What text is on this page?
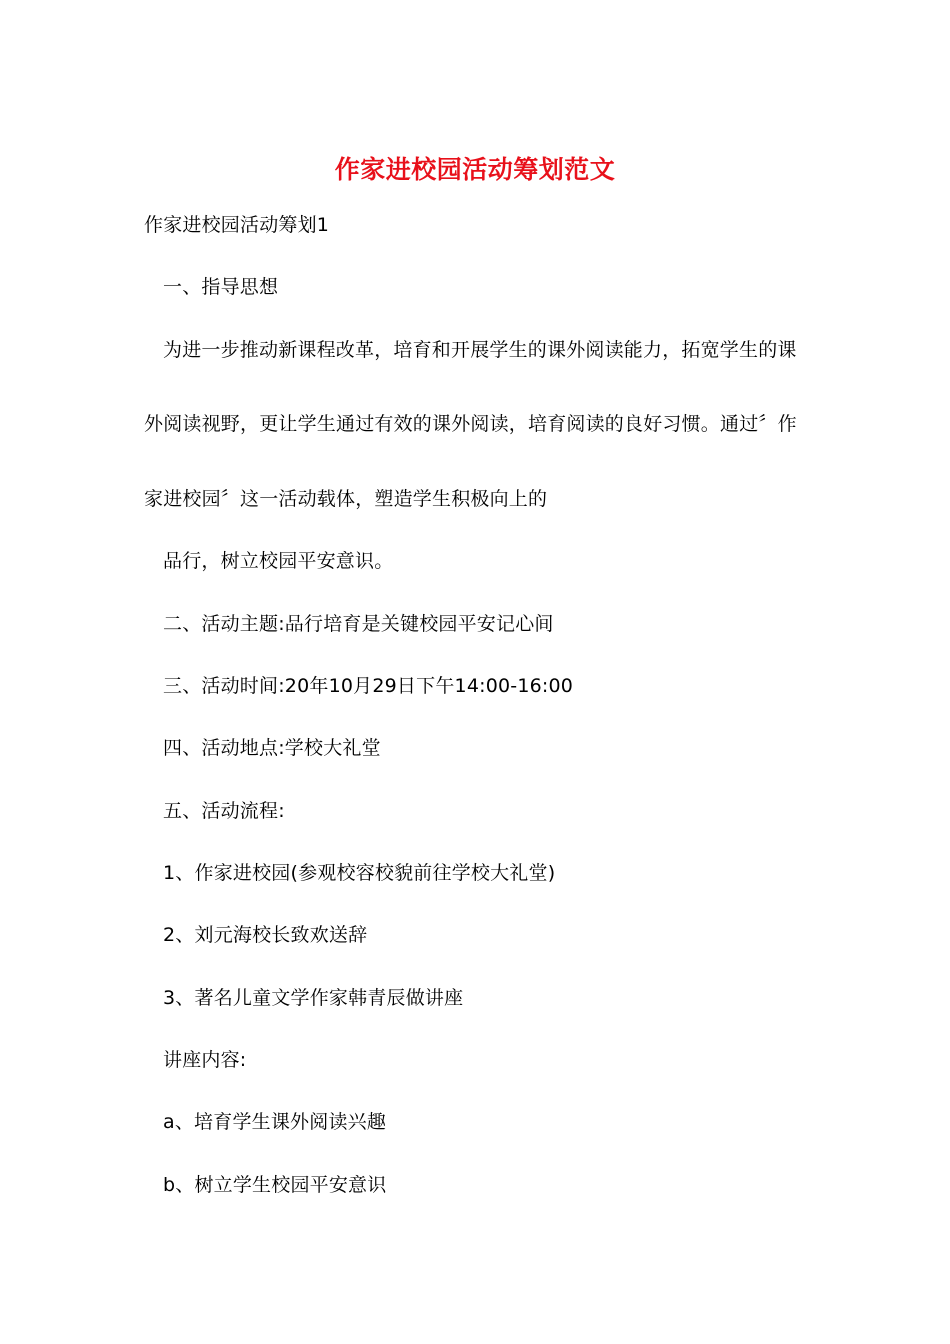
作家进校园活动筹划范文
作家进校园活动筹划1
一、指导思想
为进一步推动新课程改革，培育和开展学生的课外阅读能力，拓宽学生的课
外阅读视野，更让学生通过有效的课外阅读，培育阅读的良好习惯。通过〞作
家进校园〞这一活动载体，塑造学生积极向上的
品行，树立校园平安意识。
二、活动主题:品行培育是关键校园平安记心间
三、活动时间:20年10月29日下午14:00-16:00
四、活动地点:学校大礼堂
五、活动流程:
1、作家进校园(参观校容校貌前往学校大礼堂)
2、刘元海校长致欢送辞
3、著名儿童文学作家韩青辰做讲座
讲座内容:
a、培育学生课外阅读兴趣
b、树立学生校园平安意识
